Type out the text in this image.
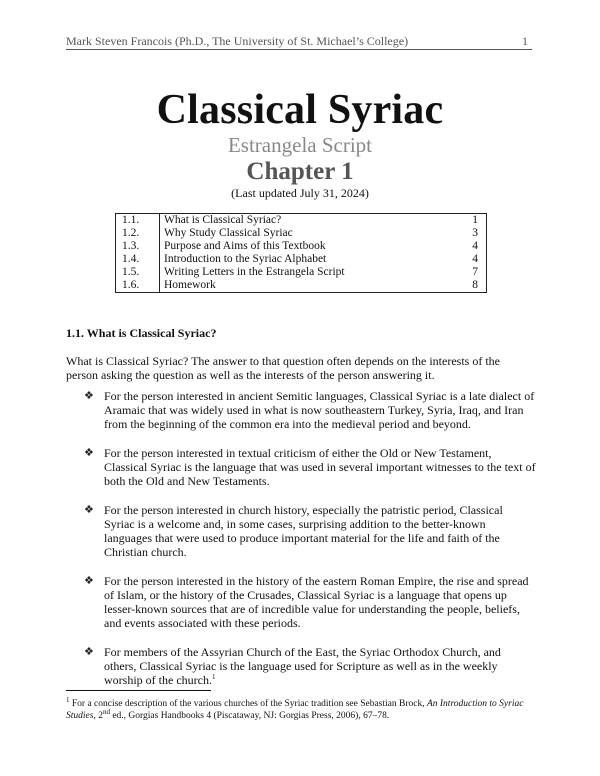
Mark Steven Francois (Ph.D., The University of St. Michael’s College)	1
Classical Syriac
Estrangela Script
Chapter 1
(Last updated July 31, 2024)
1.1.	What is Classical Syriac?	1
1.2.	Why Study Classical Syriac	3
1.3.	Purpose and Aims of this Textbook	4
1.4.	Introduction to the Syriac Alphabet	4
1.5.	Writing Letters in the Estrangela Script	7
1.6.	Homework	8
1.1. What is Classical Syriac?
What is Classical Syriac? The answer to that question often depends on the interests of the person asking the question as well as the interests of the person answering it.
❖ For the person interested in ancient Semitic languages, Classical Syriac is a late dialect of Aramaic that was widely used in what is now southeastern Turkey, Syria, Iraq, and Iran from the beginning of the common era into the medieval period and beyond.
❖ For the person interested in textual criticism of either the Old or New Testament, Classical Syriac is the language that was used in several important witnesses to the text of both the Old and New Testaments.
❖ For the person interested in church history, especially the patristic period, Classical Syriac is a welcome and, in some cases, surprising addition to the better-known languages that were used to produce important material for the life and faith of the Christian church.
❖ For the person interested in the history of the eastern Roman Empire, the rise and spread of Islam, or the history of the Crusades, Classical Syriac is a language that opens up lesser-known sources that are of incredible value for understanding the people, beliefs, and events associated with these periods.
❖ For members of the Assyrian Church of the East, the Syriac Orthodox Church, and others, Classical Syriac is the language used for Scripture as well as in the weekly worship of the church.$^1$
$^1$ For a concise description of the various churches of the Syriac tradition see Sebastian Brock, An Introduction to Syriac Studies, 2nd ed., Gorgias Handbooks 4 (Piscataway, NJ: Gorgias Press, 2006), 67–78.
